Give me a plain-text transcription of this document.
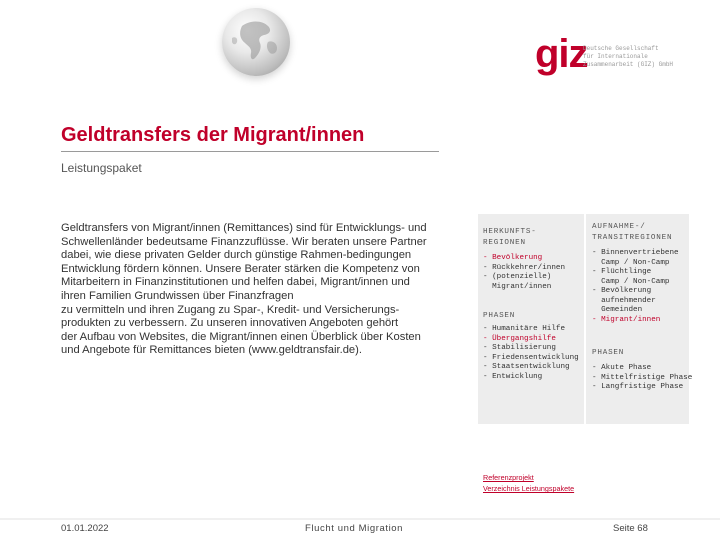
giz
Deutsche Gesellschaft
für Internationale
Zusammenarbeit (GIZ) GmbH
Geldtransfers der Migrant/innen
Leistungspaket
Geldtransfers von Migrant/innen (Remittances) sind für Entwicklungs- und
Schwellenländer bedeutsame Finanzzuflüsse. Wir beraten unsere Partner
dabei, wie diese privaten Gelder durch günstige Rahmen-bedingungen
Entwicklung fördern können. Unsere Berater stärken die Kompetenz von
Mitarbeitern in Finanzinstitutionen und helfen dabei, Migrant/innen und
ihren Familien Grundwissen über Finanzfragen
zu vermitteln und ihren Zugang zu Spar-, Kredit- und Versicherungs-
produkten zu verbessern. Zu unseren innovativen Angeboten gehört
der Aufbau von Websites, die Migrant/innen einen Überblick über Kosten
und Angebote für Remittances bieten (www.geldtransfair.de).
HERKUNFTS-
REGIONEN
- Bevölkerung
- Rückkehrer/innen
- (potenzielle)
Migrant/innen
PHASEN
- Humanitäre Hilfe
- Übergangshilfe
- Stabilisierung
- Friedensentwicklung
- Staatsentwicklung
- Entwicklung
AUFNAHME-/
TRANSITREGIONEN
- Binnenvertriebene
Camp / Non-Camp
- Flüchtlinge
Camp / Non-Camp
- Bevölkerung
aufnehmender
Gemeinden
- Migrant/innen
PHASEN
- Akute Phase
- Mittelfristige Phase
- Langfristige Phase
Referenzprojekt
Verzeichnis Leistungspakete
01.01.2022	Flucht und Migration	Seite 68
